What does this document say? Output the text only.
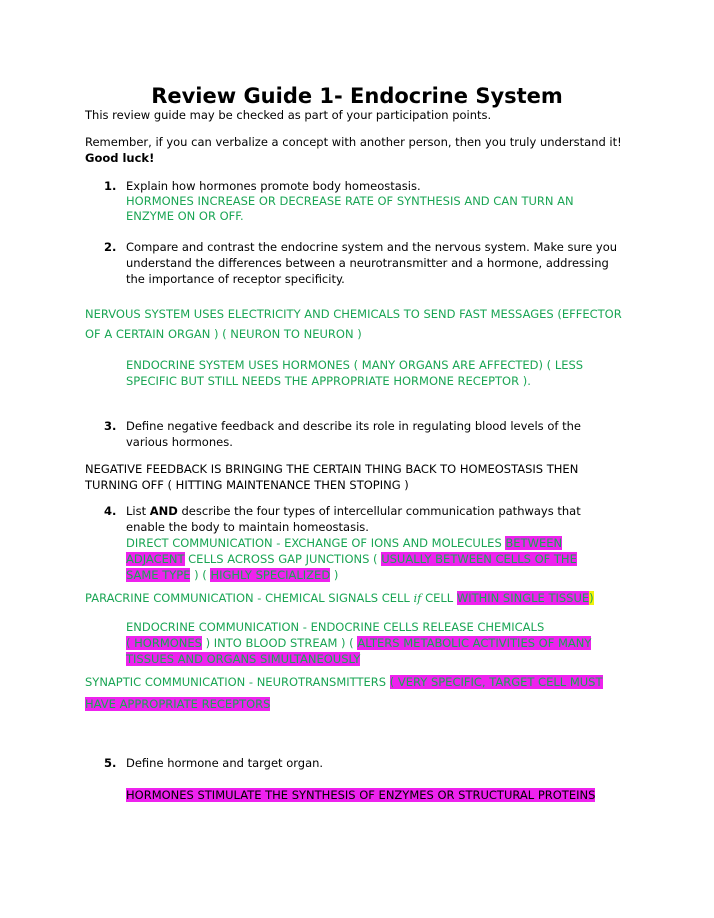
Review Guide 1- Endocrine System
This review guide may be checked as part of your participation points.
Remember, if you can verbalize a concept with another person, then you truly understand it!
Good luck!
1. Explain how hormones promote body homeostasis.
HORMONES INCREASE OR DECREASE RATE OF SYNTHESIS AND CAN TURN AN
ENZYME ON OR OFF.
2. Compare and contrast the endocrine system and the nervous system. Make sure you
understand the differences between a neurotransmitter and a hormone, addressing
the importance of receptor specificity.
NERVOUS SYSTEM USES ELECTRICITY AND CHEMICALS TO SEND FAST MESSAGES (EFFECTOR
OF A CERTAIN ORGAN ) ( NEURON TO NEURON )
ENDOCRINE SYSTEM USES HORMONES ( MANY ORGANS ARE AFFECTED) ( LESS
SPECIFIC BUT STILL NEEDS THE APPROPRIATE HORMONE RECEPTOR ).
3. Define negative feedback and describe its role in regulating blood levels of the
various hormones.
NEGATIVE FEEDBACK IS BRINGING THE CERTAIN THING BACK TO HOMEOSTASIS THEN
TURNING OFF ( HITTING MAINTENANCE THEN STOPING )
4. List AND describe the four types of intercellular communication pathways that
enable the body to maintain homeostasis.
DIRECT COMMUNICATION - EXCHANGE OF IONS AND MOLECULES BETWEEN
ADJACENT CELLS ACROSS GAP JUNCTIONS ( USUALLY BETWEEN CELLS OF THE
SAME TYPE ) ( HIGHLY SPECIALIZED )
PARACRINE COMMUNICATION - CHEMICAL SIGNALS CELL if CELL WITHIN SINGLE TISSUE)
ENDOCRINE COMMUNICATION - ENDOCRINE CELLS RELEASE CHEMICALS
( HORMONES ) INTO BLOOD STREAM ) ( ALTERS METABOLIC ACTIVITIES OF MANY
TISSUES AND ORGANS SIMULTANEOUSLY
SYNAPTIC COMMUNICATION - NEUROTRANSMITTERS ( VERY SPECIFIC, TARGET CELL MUST
HAVE APPROPRIATE RECEPTORS
5. Define hormone and target organ.
HORMONES STIMULATE THE SYNTHESIS OF ENZYMES OR STRUCTURAL PROTEINS
